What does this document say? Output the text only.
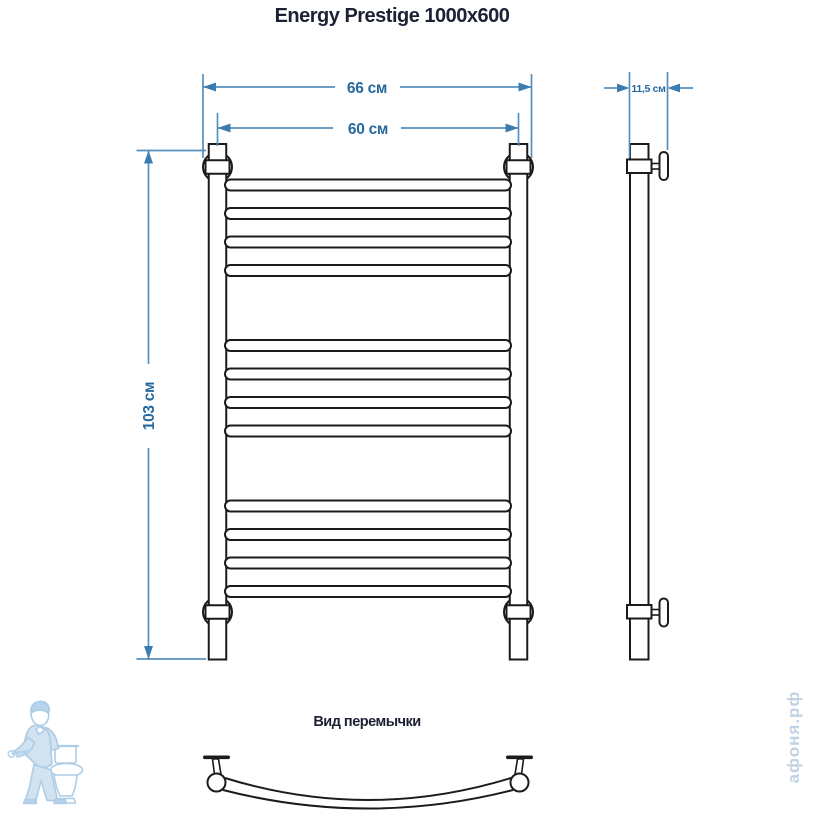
Energy Prestige 1000x600
66 см
60 см
103 см
11,5 см
Вид перемычки	афоня.рф
